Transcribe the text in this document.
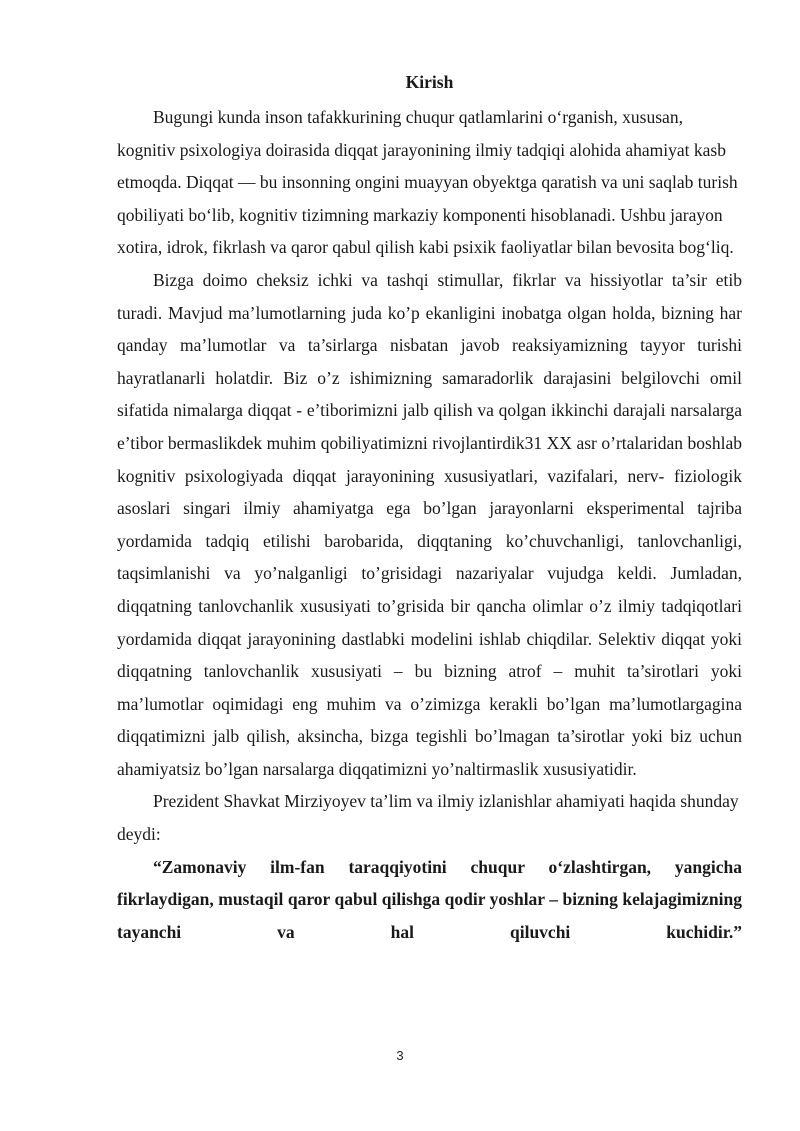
Kirish

Bugungi kunda inson tafakkurining chuqur qatlamlarini o‘rganish, xususan, kognitiv psixologiya doirasida diqqat jarayonining ilmiy tadqiqi alohida ahamiyat kasb etmoqda. Diqqat — bu insonning ongini muayyan obyektga qaratish va uni saqlab turish qobiliyati bo‘lib, kognitiv tizimning markaziy komponenti hisoblanadi. Ushbu jarayon xotira, idrok, fikrlash va qaror qabul qilish kabi psixik faoliyatlar bilan bevosita bog‘liq.

Bizga doimo cheksiz ichki va tashqi stimullar, fikrlar va hissiyotlar ta’sir etib turadi. Mavjud ma’lumotlarning juda ko’p ekanligini inobatga olgan holda, bizning har qanday ma’lumotlar va ta’sirlarga nisbatan javob reaksiyamizning tayyor turishi hayratlanarli holatdir. Biz o’z ishimizning samaradorlik darajasini belgilovchi omil sifatida nimalarga diqqat - e’tiborimizni jalb qilish va qolgan ikkinchi darajali narsalarga e’tibor bermaslikdek muhim qobiliyatimizni rivojlantirdik31 XX asr o’rtalaridan boshlab kognitiv psixologiyada diqqat jarayonining xususiyatlari, vazifalari, nerv- fiziologik asoslari singari ilmiy ahamiyatga ega bo’lgan jarayonlarni eksperimental tajriba yordamida tadqiq etilishi barobarida, diqqtaning ko’chuvchanligi, tanlovchanligi, taqsimlanishi va yo’nalganligi to’grisidagi nazariyalar vujudga keldi. Jumladan, diqqatning tanlovchanlik xususiyati to’grisida bir qancha olimlar o’z ilmiy tadqiqotlari yordamida diqqat jarayonining dastlabki modelini ishlab chiqdilar. Selektiv diqqat yoki diqqatning tanlovchanlik xususiyati – bu bizning atrof – muhit ta’sirotlari yoki ma’lumotlar oqimidagi eng muhim va o’zimizga kerakli bo’lgan ma’lumotlargagina diqqatimizni jalb qilish, aksincha, bizga tegishli bo’lmagan ta’sirotlar yoki biz uchun ahamiyatsiz bo’lgan narsalarga diqqatimizni yo’naltirmaslik xususiyatidir.

Prezident Shavkat Mirziyoyev ta’lim va ilmiy izlanishlar ahamiyati haqida shunday deydi:

“Zamonaviy ilm-fan taraqqiyotini chuqur o‘zlashtirgan, yangicha fikrlaydigan, mustaqil qaror qabul qilishga qodir yoshlar – bizning kelajagimizning tayanchi va hal qiluvchi kuchidir.”

3
